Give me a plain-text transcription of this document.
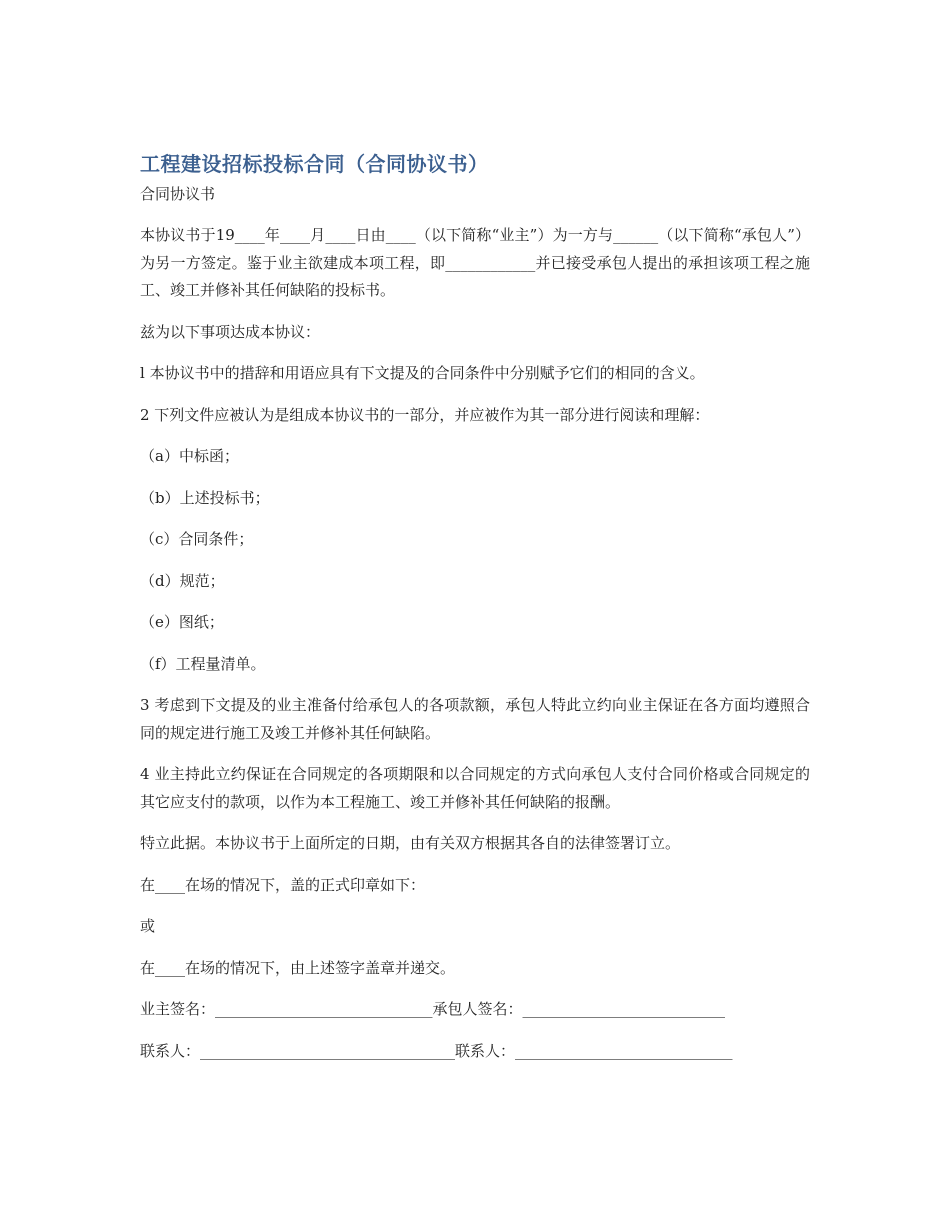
工程建设招标投标合同（合同协议书）
合同协议书

本协议书于19____年____月____日由____（以下简称“业主”）为一方与______（以下简称“承包人”）为另一方签定。鉴于业主欲建成本项工程，即____________并已接受承包人提出的承担该项工程之施工、竣工并修补其任何缺陷的投标书。

兹为以下事项达成本协议：

l 本协议书中的措辞和用语应具有下文提及的合同条件中分别赋予它们的相同的含义。

2 下列文件应被认为是组成本协议书的一部分，并应被作为其一部分进行阅读和理解：

（a）中标函；

（b）上述投标书；

（c）合同条件；

（d）规范；

（e）图纸；

（f）工程量清单。

3 考虑到下文提及的业主准备付给承包人的各项款额，承包人特此立约向业主保证在各方面均遵照合同的规定进行施工及竣工并修补其任何缺陷。

4 业主持此立约保证在合同规定的各项期限和以合同规定的方式向承包人支付合同价格或合同规定的其它应支付的款项，以作为本工程施工、竣工并修补其任何缺陷的报酬。

特立此据。本协议书于上面所定的日期，由有关双方根据其各自的法律签署订立。

在____在场的情况下，盖的正式印章如下：

或

在____在场的情况下，由上述签字盖章并递交。

业主签名：_____________________________承包人签名：___________________________
联系人：__________________________________联系人：_____________________________
